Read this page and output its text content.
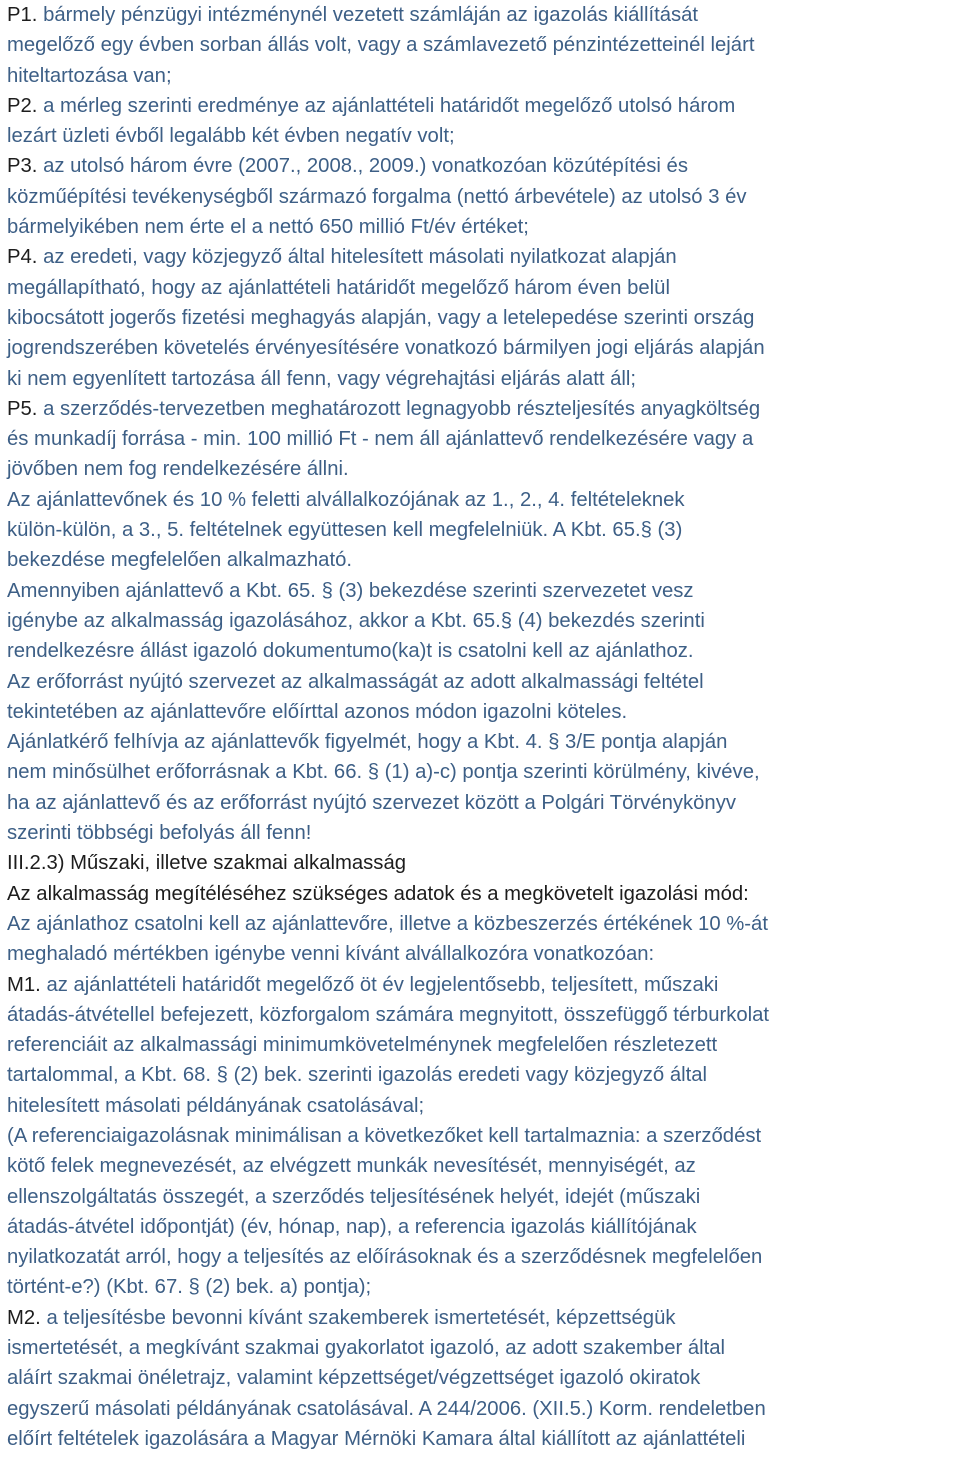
P1. bármely pénzügyi intézménynél vezetett számláján az igazolás kiállítását
megelőző egy évben sorban állás volt, vagy a számlavezető pénzintézetteinél lejárt
hiteltartozása van;
P2. a mérleg szerinti eredménye az ajánlattételi határidőt megelőző utolsó három
lezárt üzleti évből legalább két évben negatív volt;
P3. az utolsó három évre (2007., 2008., 2009.) vonatkozóan közútépítési és
közműépítési tevékenységből származó forgalma (nettó árbevétele) az utolsó 3 év
bármelyikében nem érte el a nettó 650 millió Ft/év értéket;
P4. az eredeti, vagy közjegyző által hitelesített másolati nyilatkozat alapján
megállapítható, hogy az ajánlattételi határidőt megelőző három éven belül
kibocsátott jogerős fizetési meghagyás alapján, vagy a letelepedése szerinti ország
jogrendszerében követelés érvényesítésére vonatkozó bármilyen jogi eljárás alapján
ki nem egyenlített tartozása áll fenn, vagy végrehajtási eljárás alatt áll;
P5. a szerződés-tervezetben meghatározott legnagyobb részteljesítés anyagköltség
és munkadíj forrása - min. 100 millió Ft - nem áll ajánlattevő rendelkezésére vagy a
jövőben nem fog rendelkezésére állni.
Az ajánlattevőnek és 10 % feletti alvállalkozójának az 1., 2., 4. feltételeknek
külön-külön, a 3., 5. feltételnek együttesen kell megfelelniük. A Kbt. 65.§ (3)
bekezdése megfelelően alkalmazható.
Amennyiben ajánlattevő a Kbt. 65. § (3) bekezdése szerinti szervezetet vesz
igénybe az alkalmasság igazolásához, akkor a Kbt. 65.§ (4) bekezdés szerinti
rendelkezésre állást igazoló dokumentumo(ka)t is csatolni kell az ajánlathoz.
Az erőforrást nyújtó szervezet az alkalmasságát az adott alkalmassági feltétel
tekintetében az ajánlattevőre előírttal azonos módon igazolni köteles.
Ajánlatkérő felhívja az ajánlattevők figyelmét, hogy a Kbt. 4. § 3/E pontja alapján
nem minősülhet erőforrásnak a Kbt. 66. § (1) a)-c) pontja szerinti körülmény, kivéve,
ha az ajánlattevő és az erőforrást nyújtó szervezet között a Polgári Törvénykönyv
szerinti többségi befolyás áll fenn!
III.2.3) Műszaki, illetve szakmai alkalmasság
Az alkalmasság megítéléséhez szükséges adatok és a megkövetelt igazolási mód:
Az ajánlathoz csatolni kell az ajánlattevőre, illetve a közbeszerzés értékének 10 %-át
meghaladó mértékben igénybe venni kívánt alvállalkozóra vonatkozóan:
M1. az ajánlattételi határidőt megelőző öt év legjelentősebb, teljesített, műszaki
átadás-átvétellel befejezett, közforgalom számára megnyitott, összefüggő térburkolat
referenciáit az alkalmassági minimumkövetelménynek megfelelően részletezett
tartalommal, a Kbt. 68. § (2) bek. szerinti igazolás eredeti vagy közjegyző által
hitelesített másolati példányának csatolásával;
(A referenciaigazolásnak minimálisan a következőket kell tartalmaznia: a szerződést
kötő felek megnevezését, az elvégzett munkák nevesítését, mennyiségét, az
ellenszolgáltatás összegét, a szerződés teljesítésének helyét, idejét (műszaki
átadás-átvétel időpontját) (év, hónap, nap), a referencia igazolás kiállítójának
nyilatkozatát arról, hogy a teljesítés az előírásoknak és a szerződésnek megfelelően
történt-e?) (Kbt. 67. § (2) bek. a) pontja);
M2. a teljesítésbe bevonni kívánt szakemberek ismertetését, képzettségük
ismertetését, a megkívánt szakmai gyakorlatot igazoló, az adott szakember által
aláírt szakmai önéletrajz, valamint képzettséget/végzettséget igazoló okiratok
egyszerű másolati példányának csatolásával. A 244/2006. (XII.5.) Korm. rendeletben
előírt feltételek igazolására a Magyar Mérnöki Kamara által kiállított az ajánlattételi
